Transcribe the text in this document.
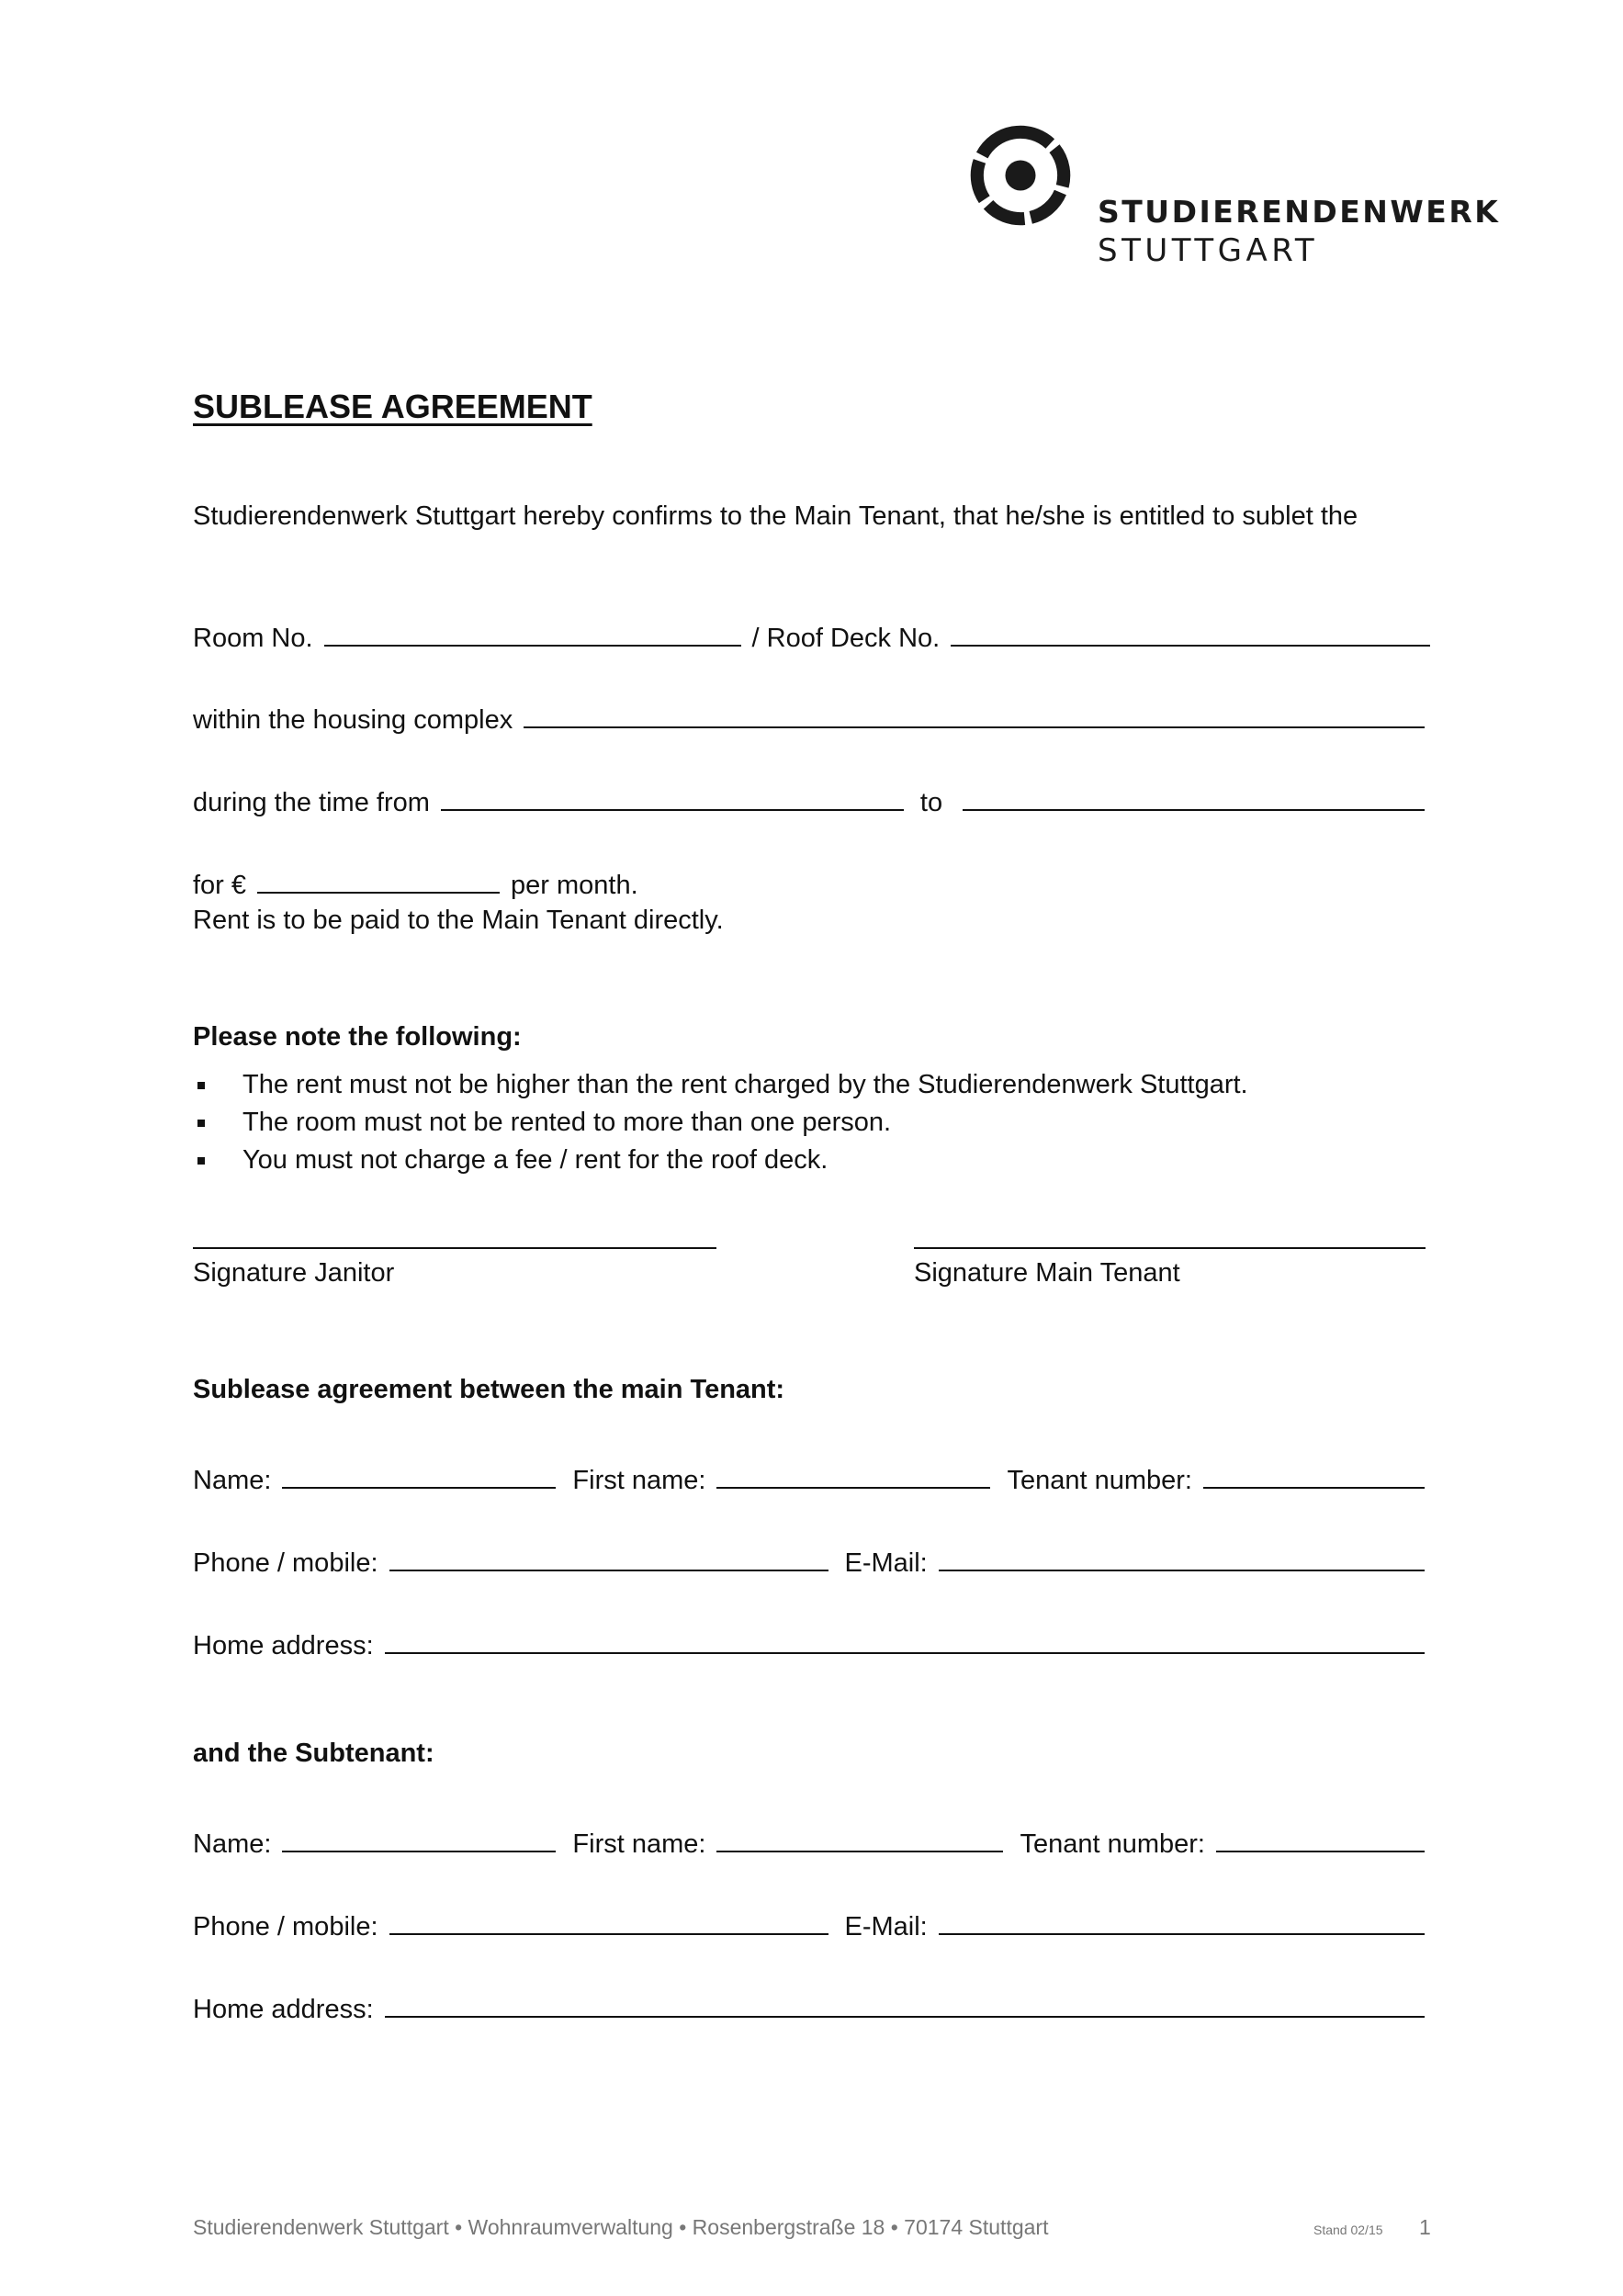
STUDIERENDENWERK
STUTTGART
SUBLEASE AGREEMENT
Studierendenwerk Stuttgart hereby confirms to the Main Tenant, that he/she is entitled to sublet the
Room No.	/ Roof Deck No.
within the housing complex
during the time from	to
for €	per month.
Rent is to be paid to the Main Tenant directly.
Please note the following:
The rent must not be higher than the rent charged by the Studierendenwerk Stuttgart.
The room must not be rented to more than one person.
You must not charge a fee / rent for the roof deck.
Signature Janitor	Signature Main Tenant
Sublease agreement between the main Tenant:
Name:	First name:	Tenant number:
Phone / mobile:	E-Mail:
Home address:
and the Subtenant:
Name:	First name:	Tenant number:
Phone / mobile:	E-Mail:
Home address:
Studierendenwerk Stuttgart • Wohnraumverwaltung • Rosenbergstraße 18 • 70174 Stuttgart	Stand 02/15 1
